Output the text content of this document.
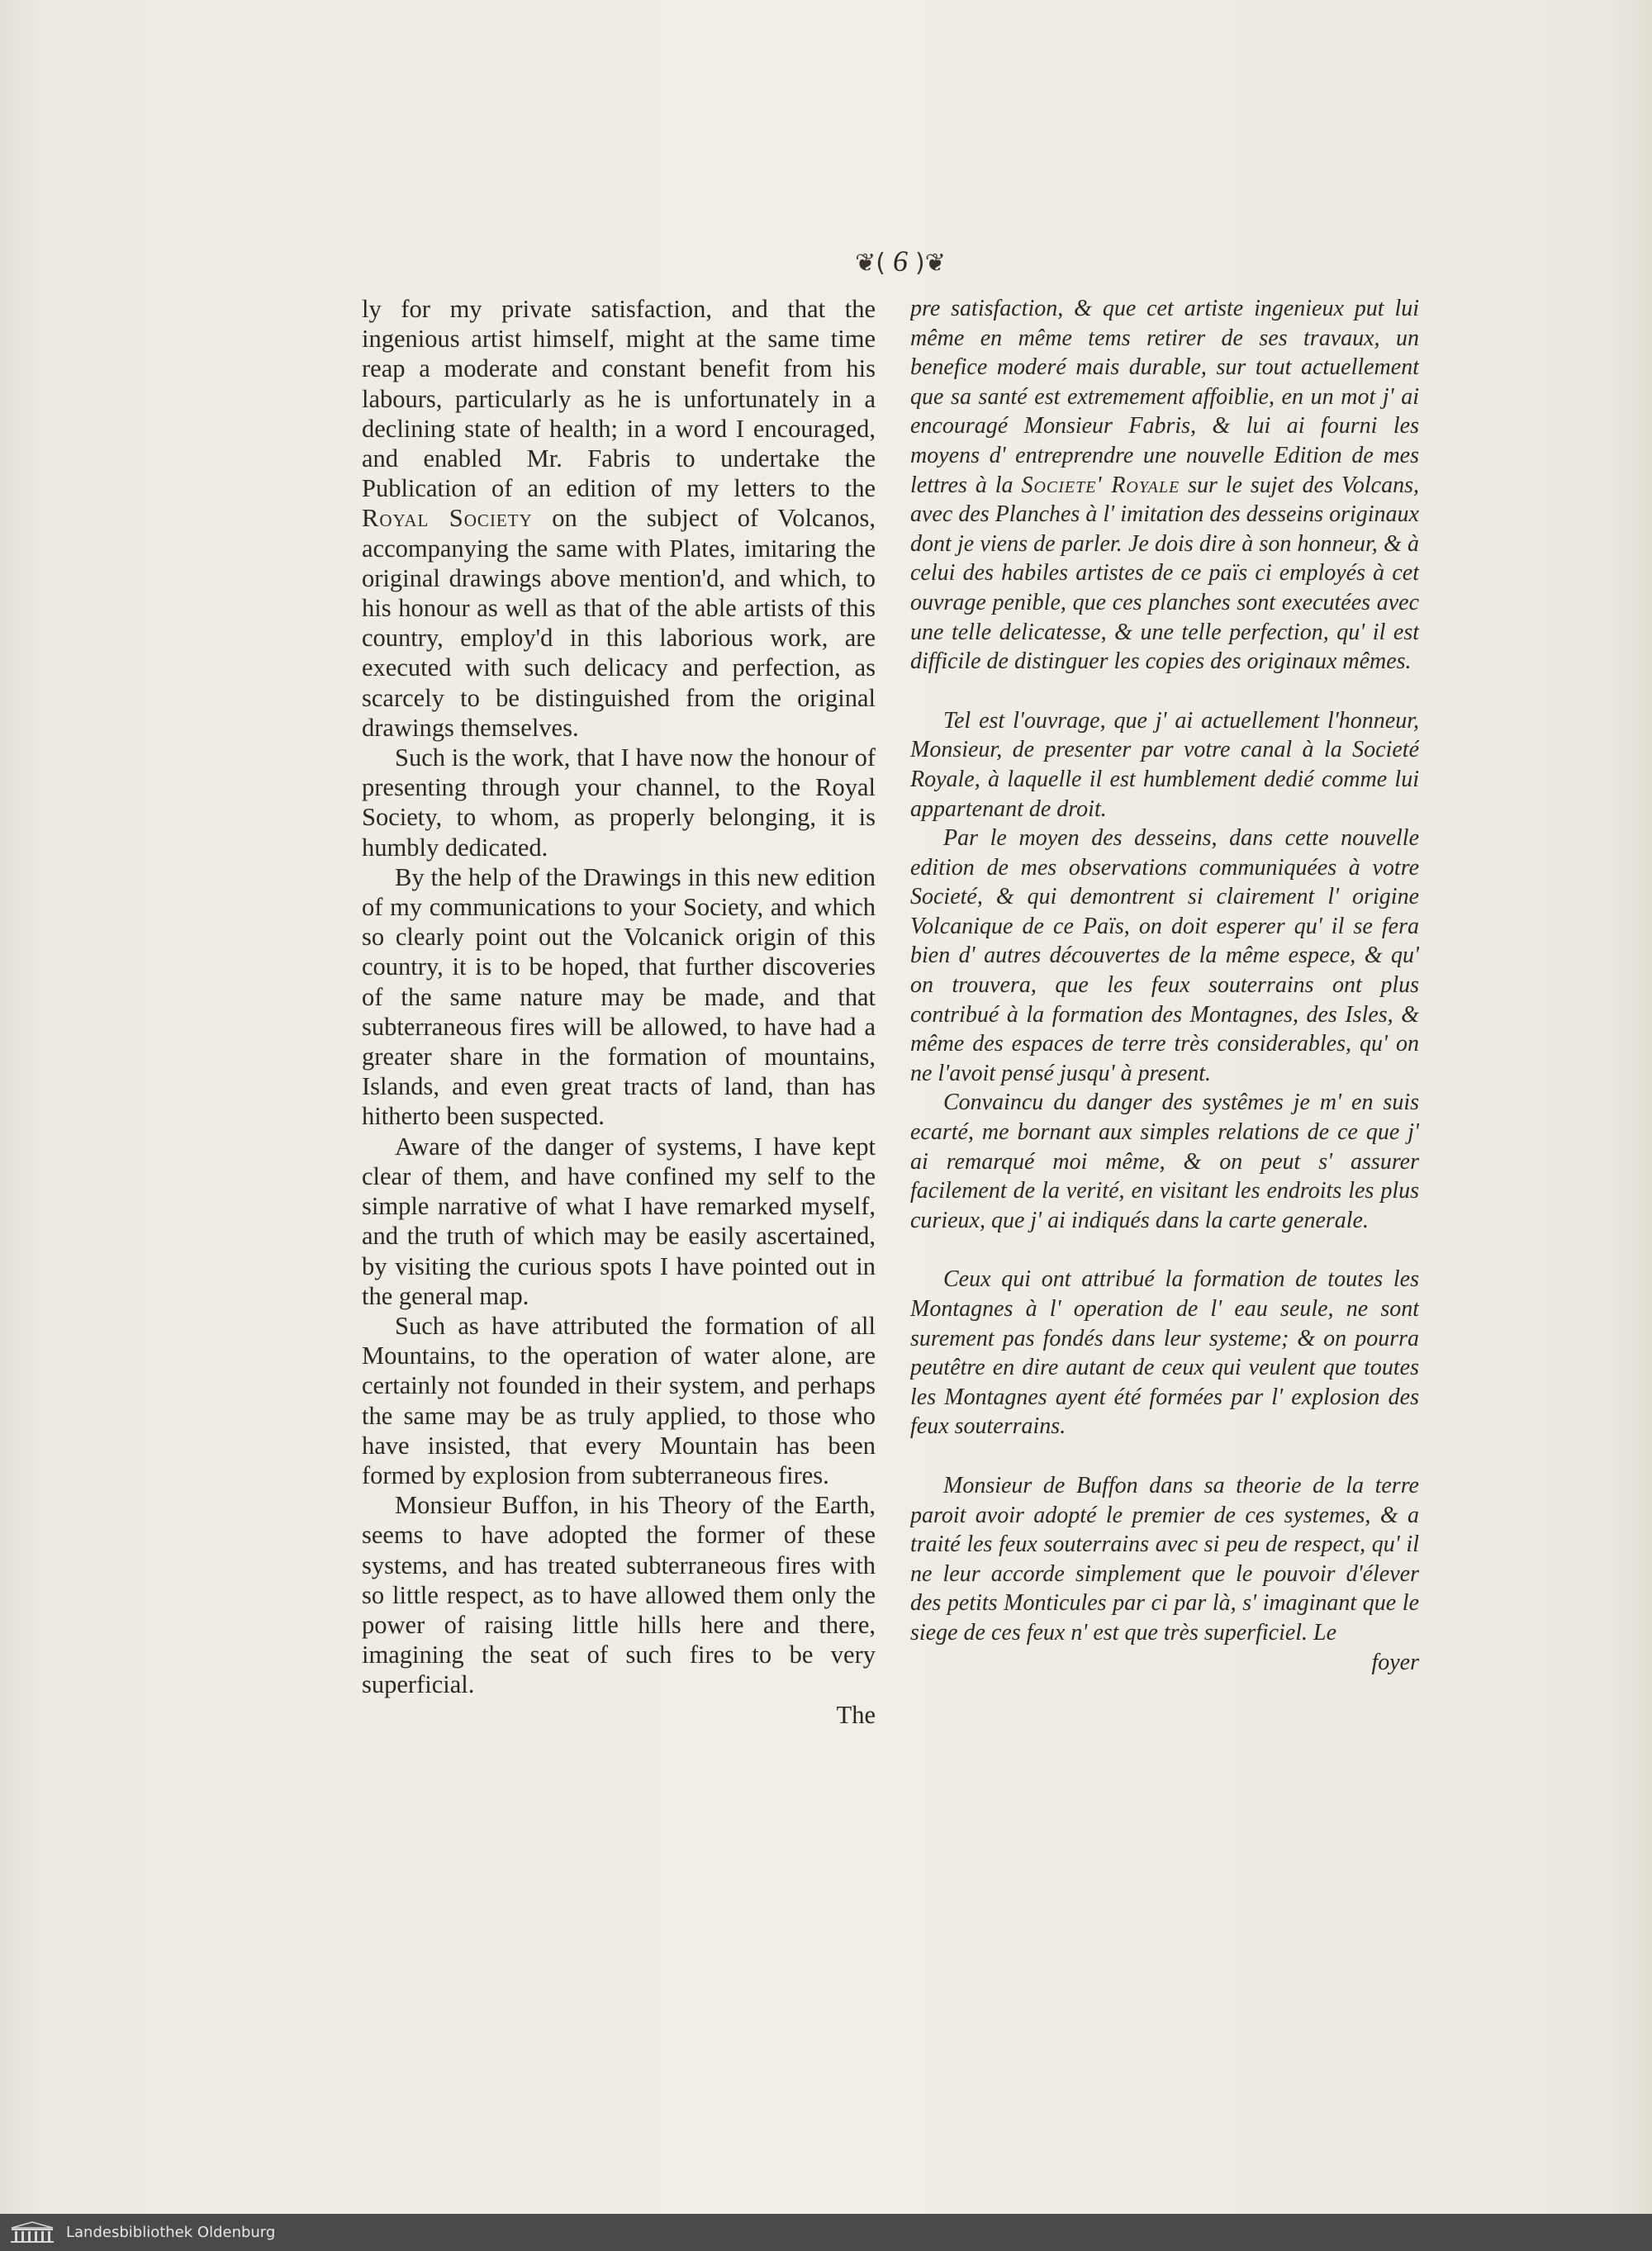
❦( 6 )❦

ly for my private satisfaction, and that the ingenious artist himself, might at the same time reap a moderate and constant benefit from his labours, particularly as he is unfortunately in a declining state of health; in a word I encouraged, and enabled Mr. Fabris to undertake the Publication of an edition of my letters to the Royal Society on the subject of Volcanos, accompanying the same with Plates, imitaring the original drawings above mention'd, and which, to his honour as well as that of the able artists of this country, employ'd in this laborious work, are executed with such delicacy and perfection, as scarcely to be distinguished from the original drawings themselves.

Such is the work, that I have now the honour of presenting through your channel, to the Royal Society, to whom, as properly belonging, it is humbly dedicated.

By the help of the Drawings in this new edition of my communications to your Society, and which so clearly point out the Volcanick origin of this country, it is to be hoped, that further discoveries of the same nature may be made, and that subterraneous fires will be allowed, to have had a greater share in the formation of mountains, Islands, and even great tracts of land, than has hitherto been suspected.

Aware of the danger of systems, I have kept clear of them, and have confined my self to the simple narrative of what I have remarked myself, and the truth of which may be easily ascertained, by visiting the curious spots I have pointed out in the general map.

Such as have attributed the formation of all Mountains, to the operation of water alone, are certainly not founded in their system, and perhaps the same may be as truly applied, to those who have insisted, that every Mountain has been formed by explosion from subterraneous fires.

Monsieur Buffon, in his Theory of the Earth, seems to have adopted the former of these systems, and has treated subterraneous fires with so little respect, as to have allowed them only the power of raising little hills here and there, imagining the seat of such fires to be very superficial.

The

pre satisfaction, & que cet artiste ingenieux put lui même en même tems retirer de ses travaux, un benefice moderé mais durable, sur tout actuellement que sa santé est extremement affoiblie, en un mot j' ai encouragé Monsieur Fabris, & lui ai fourni les moyens d' entreprendre une nouvelle Edition de mes lettres à la Societe' Royale sur le sujet des Volcans, avec des Planches à l' imitation des desseins originaux dont je viens de parler. Je dois dire à son honneur, & à celui des habiles artistes de ce païs ci employés à cet ouvrage penible, que ces planches sont executées avec une telle delicatesse, & une telle perfection, qu' il est difficile de distinguer les copies des originaux mêmes.

Tel est l'ouvrage, que j' ai actuellement l'honneur, Monsieur, de presenter par votre canal à la Societé Royale, à laquelle il est humblement dedié comme lui appartenant de droit.

Par le moyen des desseins, dans cette nouvelle edition de mes observations communiquées à votre Societé, & qui demontrent si clairement l' origine Volcanique de ce Païs, on doit esperer qu' il se fera bien d' autres découvertes de la même espece, & qu' on trouvera, que les feux souterrains ont plus contribué à la formation des Montagnes, des Isles, & même des espaces de terre très considerables, qu' on ne l'avoit pensé jusqu' à present.

Convaincu du danger des systêmes je m' en suis ecarté, me bornant aux simples relations de ce que j' ai remarqué moi même, & on peut s' assurer facilement de la verité, en visitant les endroits les plus curieux, que j' ai indiqués dans la carte generale.

Ceux qui ont attribué la formation de toutes les Montagnes à l' operation de l' eau seule, ne sont surement pas fondés dans leur systeme; & on pourra peutêtre en dire autant de ceux qui veulent que toutes les Montagnes ayent été formées par l' explosion des feux souterrains.

Monsieur de Buffon dans sa theorie de la terre paroit avoir adopté le premier de ces systemes, & a traité les feux souterrains avec si peu de respect, qu' il ne leur accorde simplement que le pouvoir d'élever des petits Monticules par ci par là, s' imaginant que le siege de ces feux n' est que très superficiel. Le

foyer

Landesbibliothek Oldenburg
